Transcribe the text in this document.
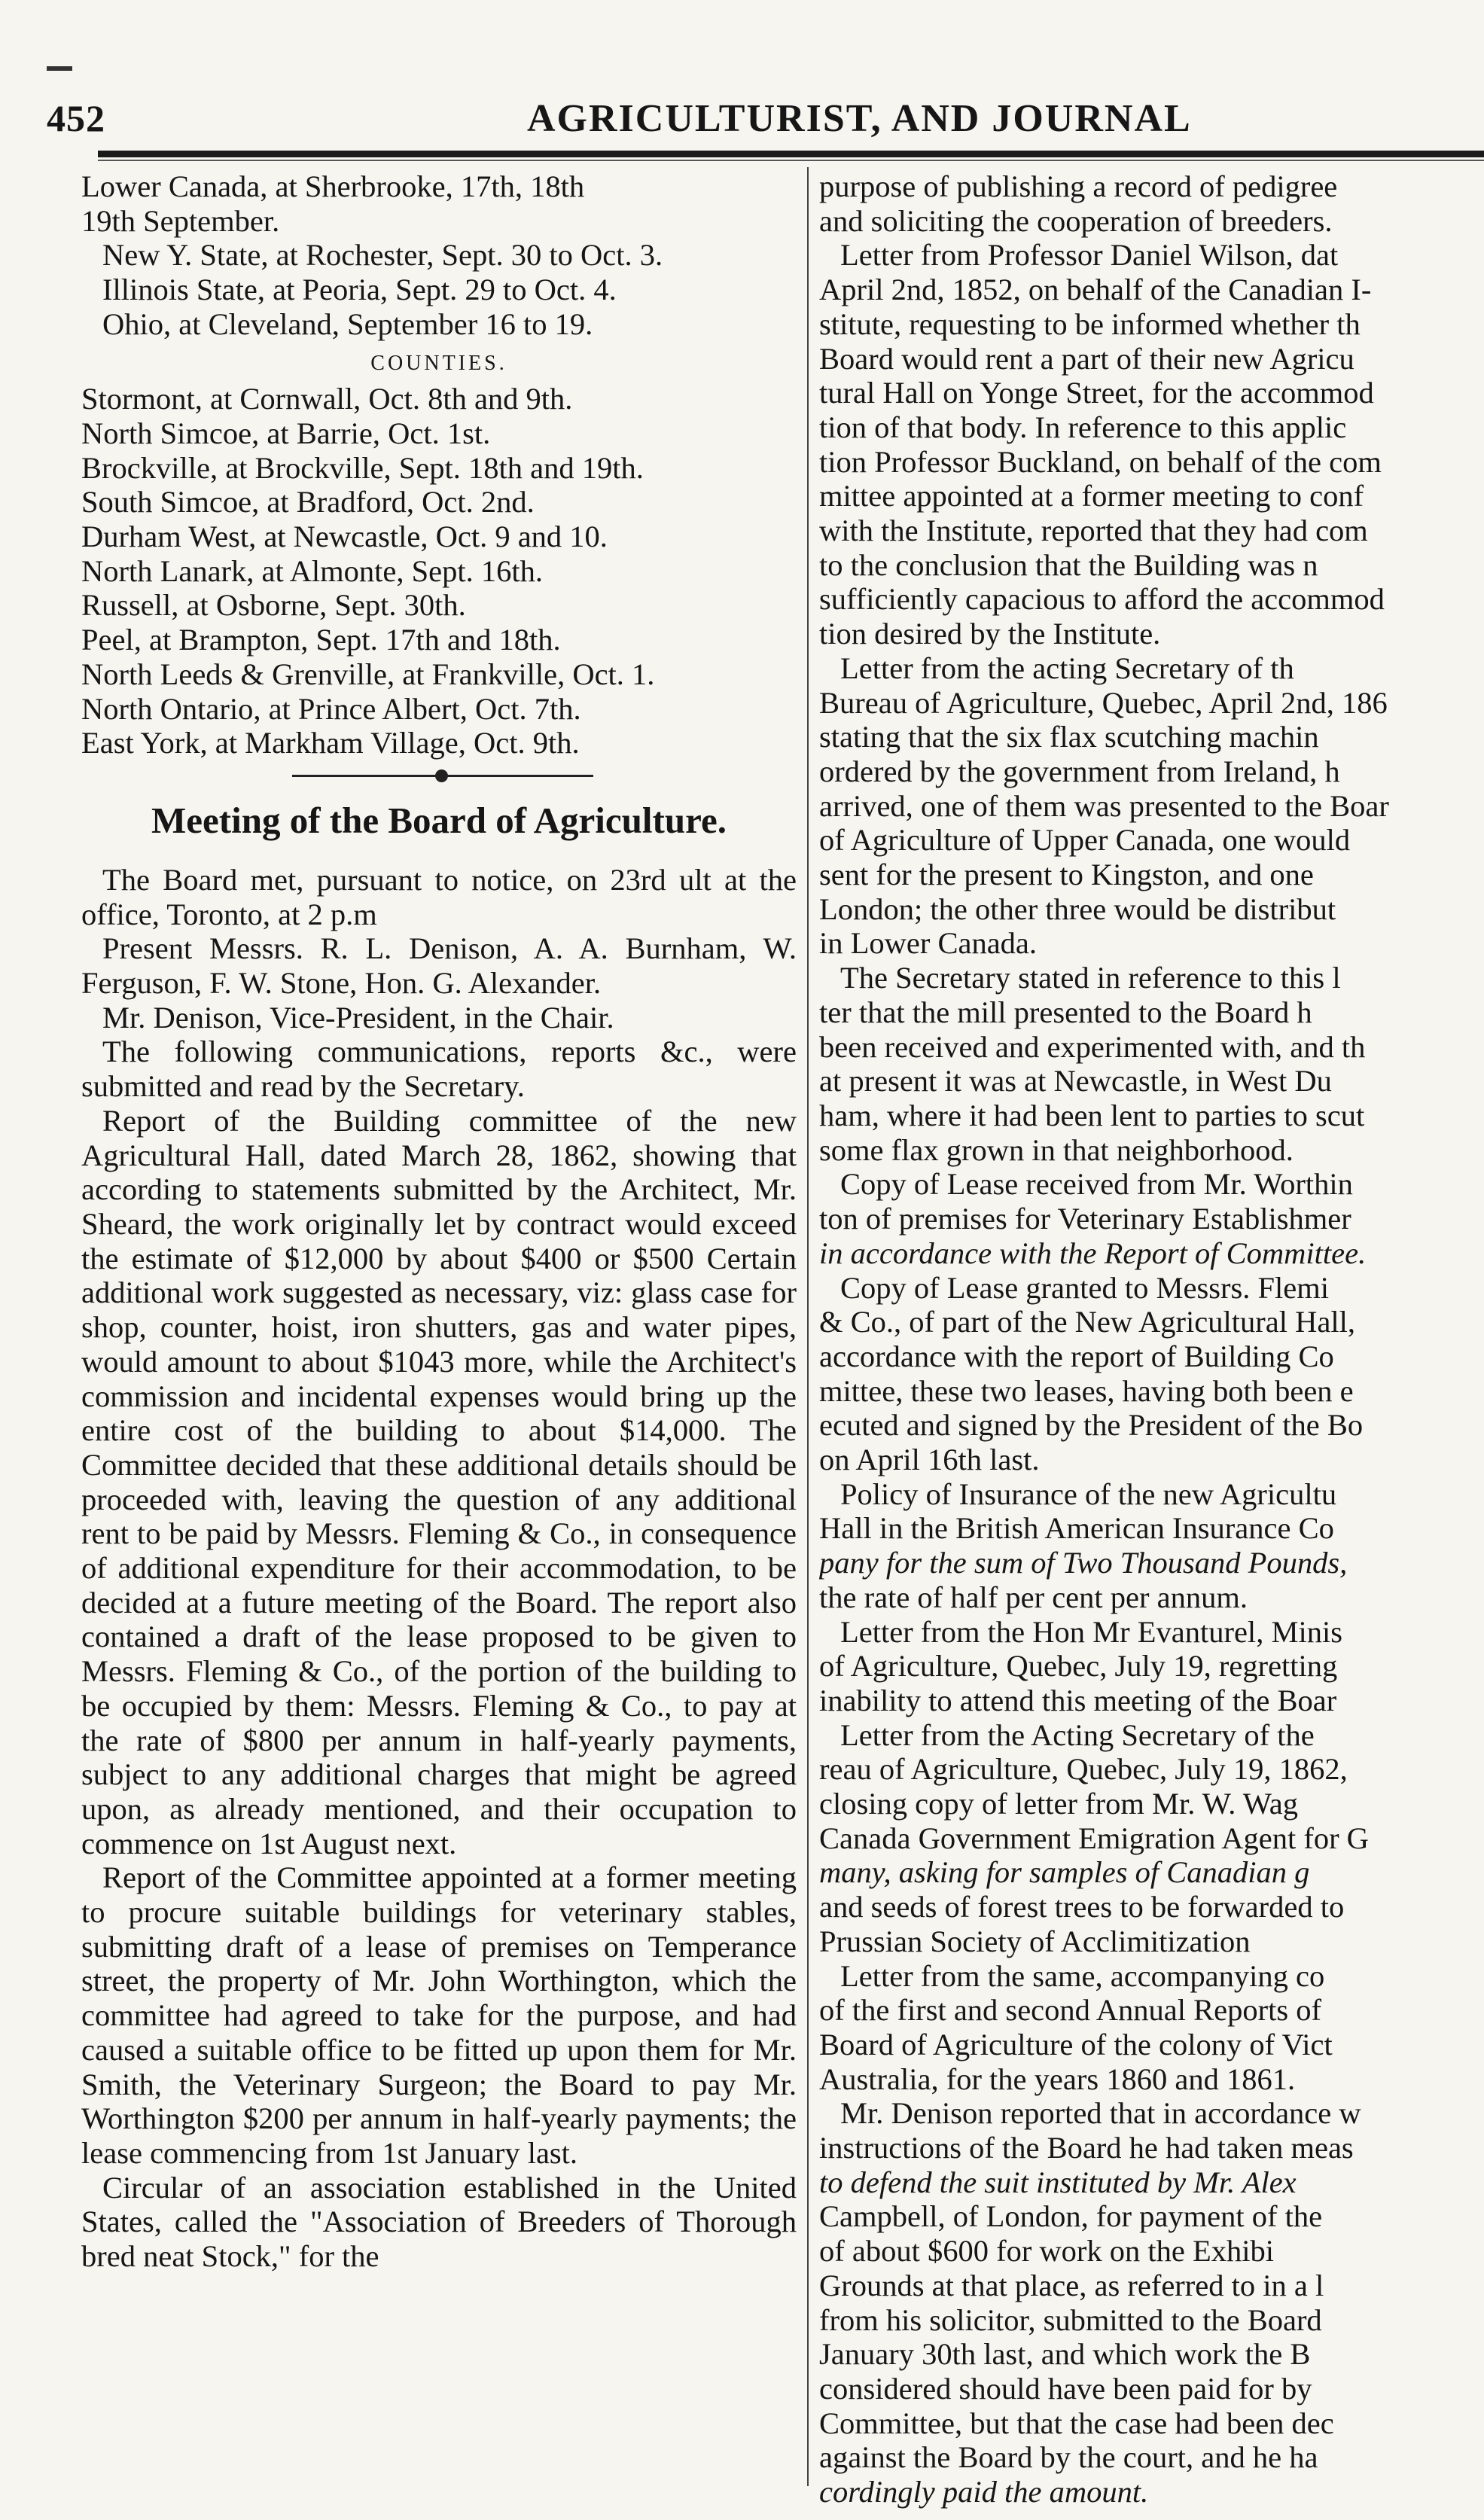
452	AGRICULTURIST, AND JOURNAL
Lower Canada, at Sherbrooke, 17th, 18th
19th September.
New Y. State, at Rochester, Sept. 30 to Oct. 3.
Illinois State, at Peoria, Sept. 29 to Oct. 4.
Ohio, at Cleveland, September 16 to 19.
COUNTIES.
Stormont, at Cornwall, Oct. 8th and 9th.
North Simcoe, at Barrie, Oct. 1st.
Brockville, at Brockville, Sept. 18th and 19th.
South Simcoe, at Bradford, Oct. 2nd.
Durham West, at Newcastle, Oct. 9 and 10.
North Lanark, at Almonte, Sept. 16th.
Russell, at Osborne, Sept. 30th.
Peel, at Brampton, Sept. 17th and 18th.
North Leeds & Grenville, at Frankville, Oct. 1.
North Ontario, at Prince Albert, Oct. 7th.
East York, at Markham Village, Oct. 9th.
Meeting of the Board of Agriculture.

The Board met, pursuant to notice, on 23rd ult at the office, Toronto, at 2 p.m

Present Messrs. R. L. Denison, A. A. Burnham, W. Ferguson, F. W. Stone, Hon. G. Alexander.

Mr. Denison, Vice-President, in the Chair.

The following communications, reports &c., were submitted and read by the Secretary.

Report of the Building committee of the new Agricultural Hall, dated March 28, 1862, showing that according to statements submitted by the Architect, Mr. Sheard, the work originally let by contract would exceed the estimate of $12,000 by about $400 or $500 Certain additional work suggested as necessary, viz: glass case for shop, counter, hoist, iron shutters, gas and water pipes, would amount to about $1043 more, while the Architect's commission and incidental expenses would bring up the entire cost of the building to about $14,000. The Committee decided that these additional details should be proceeded with, leaving the question of any additional rent to be paid by Messrs. Fleming & Co., in consequence of additional expenditure for their accommodation, to be decided at a future meeting of the Board. The report also contained a draft of the lease proposed to be given to Messrs. Fleming & Co., of the portion of the building to be occupied by them: Messrs. Fleming & Co., to pay at the rate of $800 per annum in half-yearly payments, subject to any additional charges that might be agreed upon, as already mentioned, and their occupation to commence on 1st August next.

Report of the Committee appointed at a former meeting to procure suitable buildings for veterinary stables, submitting draft of a lease of premises on Temperance street, the property of Mr. John Worthington, which the committee had agreed to take for the purpose, and had caused a suitable office to be fitted up upon them for Mr. Smith, the Veterinary Surgeon; the Board to pay Mr. Worthington $200 per annum in half-yearly payments; the lease commencing from 1st January last.

Circular of an association established in the United States, called the "Association of Breeders of Thorough bred neat Stock," for the

purpose of publishing a record of pedigree
and soliciting the cooperation of breeders.
Letter from Professor Daniel Wilson, dat
April 2nd, 1852, on behalf of the Canadian I-
stitute, requesting to be informed whether th
Board would rent a part of their new Agricu
tural Hall on Yonge Street, for the accommod
tion of that body. In reference to this applic
tion Professor Buckland, on behalf of the com
mittee appointed at a former meeting to conf
with the Institute, reported that they had com
to the conclusion that the Building was n
sufficiently capacious to afford the accommod
tion desired by the Institute.
Letter from the acting Secretary of th
Bureau of Agriculture, Quebec, April 2nd, 186
stating that the six flax scutching machin
ordered by the government from Ireland, h
arrived, one of them was presented to the Boar
of Agriculture of Upper Canada, one would
sent for the present to Kingston, and one
London; the other three would be distribut
in Lower Canada.
The Secretary stated in reference to this l
ter that the mill presented to the Board h
been received and experimented with, and th
at present it was at Newcastle, in West Du
ham, where it had been lent to parties to scut
some flax grown in that neighborhood.
Copy of Lease received from Mr. Worthin
ton of premises for Veterinary Establishmer
in accordance with the Report of Committee.
Copy of Lease granted to Messrs. Flemi
& Co., of part of the New Agricultural Hall,
accordance with the report of Building Co
mittee, these two leases, having both been e
ecuted and signed by the President of the Bo
on April 16th last.
Policy of Insurance of the new Agricultu
Hall in the British American Insurance Co
pany for the sum of Two Thousand Pounds,
the rate of half per cent per annum.
Letter from the Hon Mr Evanturel, Minis
of Agriculture, Quebec, July 19, regretting
inability to attend this meeting of the Boar
Letter from the Acting Secretary of the
reau of Agriculture, Quebec, July 19, 1862,
closing copy of letter from Mr. W. Wag
Canada Government Emigration Agent for G
many, asking for samples of Canadian g
and seeds of forest trees to be forwarded to
Prussian Society of Acclimitization
Letter from the same, accompanying co
of the first and second Annual Reports of
Board of Agriculture of the colony of Vict
Australia, for the years 1860 and 1861.
Mr. Denison reported that in accordance w
instructions of the Board he had taken meas
to defend the suit instituted by Mr. Alex
Campbell, of London, for payment of the
of about $600 for work on the Exhibi
Grounds at that place, as referred to in a l
from his solicitor, submitted to the Board
January 30th last, and which work the B
considered should have been paid for by
Committee, but that the case had been dec
against the Board by the court, and he ha
cordingly paid the amount.
